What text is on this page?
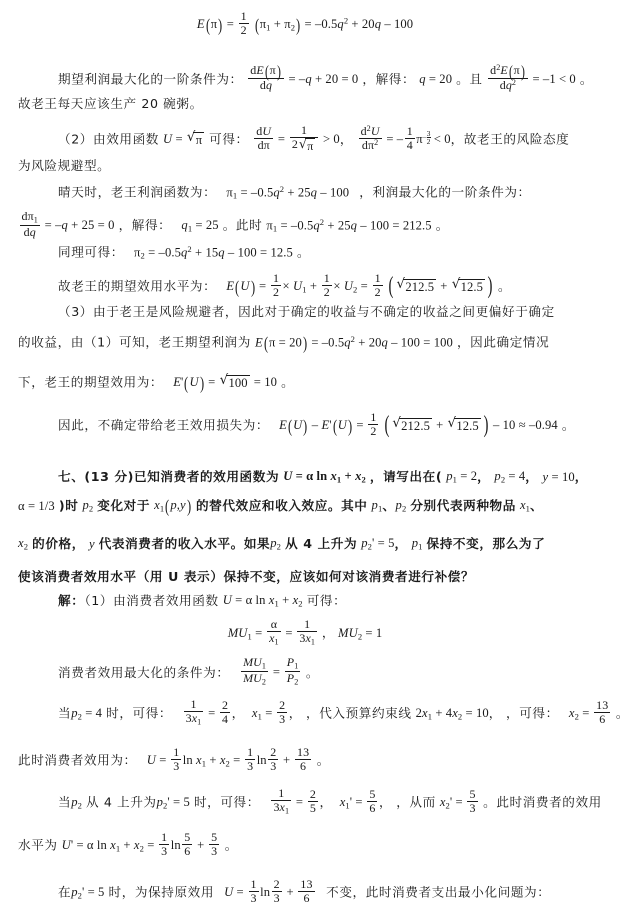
$E(\pi) = \frac{1}{2} (\pi_1 + \pi_2) = -0.5q^2 + 20q - 100$
期望利润最大化的一阶条件为： $\frac{dE(\pi)}{dq} = -q + 20 = 0$ ，解得： q = 20 。且 $\frac{d^2E(\pi)}{dq^2} = -1 < 0$ 。
故老王每天应该生产 20 碗粥。
（2）由效用函数 U = √ π 可得： $\frac{dU}{d\pi} = \frac{1}{2 √ \pi} > 0$， $\frac{d^2U}{d\pi^2}$ = – $\frac{1}{4} \pi^{- \frac{3}{2}} < 0$，故老王的风险态度
为风险规避型。
晴天时，老王利润函数为： $\pi_1 = -0.5q^2 + 25q - 100$ ，利润最大化的一阶条件为：
$\frac{d\pi_1}{dq} = -q + 25 = 0$ ，解得： $q_1 = 25$ 。此时 $\pi_1 = -0.5q^2 + 25q - 100 = 212.5$ 。
同理可得： $\pi_2 = -0.5q^2 + 15q - 100 = 12.5$ 。
故老王的期望效用水平为： $E(U) = \frac{1}{2} \times U_1 + \frac{1}{2} \times U_2 = \frac{1}{2}$ ( √ 212.5 + √ 12.5 ) 。
（3）由于老王是风险规避者，因此对于确定的收益与不确定的收益之间更偏好于确定
的收益，由（1）可知，老王期望利润为 $E(\pi = 20) = -0.5q^2 + 20q - 100 = 100$ ，因此确定情况
下，老王的期望效用为： E'(U) = √ 100 = 10 。
因此，不确定带给老王效用损失为： $E(U) - E'(U) = \frac{1}{2}$ ( √ 212.5 + √ 12.5 ) – 10 ≈ –0.94 。
七、(13 分)已知消费者的效用函数为 U = α $\ln x_1 + x_2$ ，请写出在( $p_1 = 2$， $p_2 = 4$， y = 10，
α = 1/3 )时 $p_2$ 变化对于 $x_1(p,y)$ 的替代效应和收入效应。其中 $p_1$、$p_2$ 分别代表两种物品 $x_1$、
$x_2$ 的价格， y 代表消费者的收入水平。如果$p_2$ 从 4 上升为 $p_2' = 5$， $p_1$ 保持不变，那么为了
使该消费者效用水平（用 U 表示）保持不变，应该如何对该消费者进行补偿？
解：（1）由消费者效用函数 U = α $\ln x_1 + x_2$ 可得：
$MU_1 = \frac{\alpha}{x_1} = \frac{1}{3x_1}$ ， $MU_2 = 1$
消费者效用最大化的条件为： $\frac{MU_1}{MU_2} = \frac{P_1}{P_2}$ 。
当$p_2 = 4$ 时，可得： $\frac{1}{3x_1} = \frac{2}{4}$ ， $x_1 = \frac{2}{3}$ ， ，代入预算约束线 $2x_1 + 4x_2 = 10$， ，可得： $x_2 = \frac{13}{6}$ 。
此时消费者效用为： $U = \frac{1}{3}$ $\ln x_1 + x_2 = \frac{1}{3}$ $\ln \frac{2}{3} + \frac{13}{6}$ 。
当$p_2$ 从 4 上升为$p_2' = 5$ 时，可得： $\frac{1}{3x_1} = \frac{2}{5}$ ， $x_1' = \frac{5}{6}$ ， ，从而 $x_2' = \frac{5}{3}$ 。此时消费者的效用
水平为 U' = α $\ln x_1 + x_2 = \frac{1}{3}$ $\ln \frac{5}{6} + \frac{5}{3}$ 。
在$p_2' = 5$ 时，为保持原效用 $U = \frac{1}{3}$ $\ln \frac{2}{3} + \frac{13}{6}$ 不变，此时消费者支出最小化问题为：
